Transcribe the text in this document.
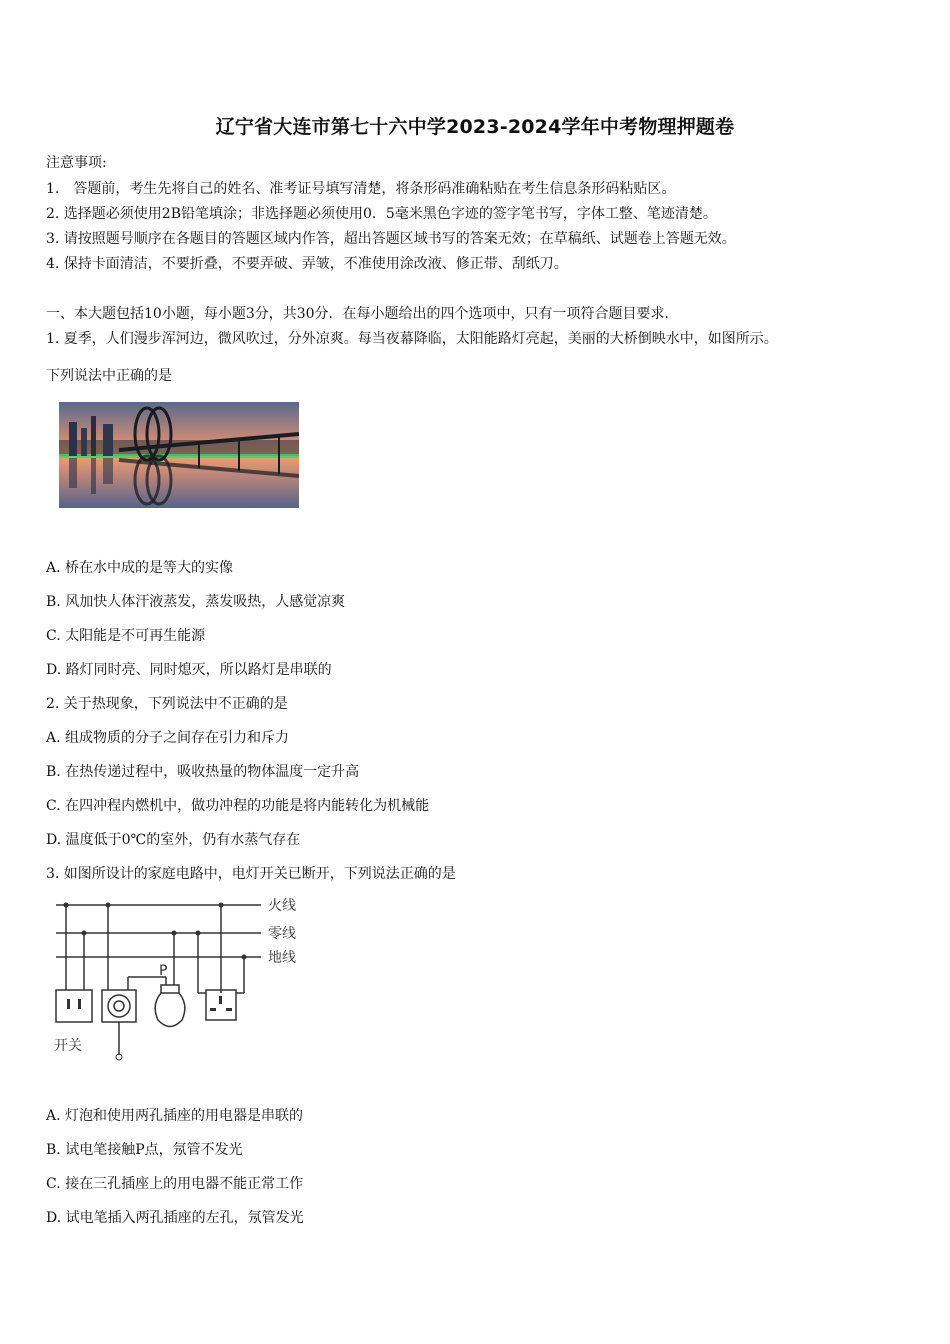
辽宁省大连市第七十六中学2023-2024学年中考物理押题卷
注意事项:
1.　答题前，考生先将自己的姓名、准考证号填写清楚，将条形码准确粘贴在考生信息条形码粘贴区。
2. 选择题必须使用2B铅笔填涂；非选择题必须使用0．5毫米黑色字迹的签字笔书写，字体工整、笔迹清楚。
3. 请按照题号顺序在各题目的答题区域内作答，超出答题区域书写的答案无效；在草稿纸、试题卷上答题无效。
4. 保持卡面清洁，不要折叠，不要弄破、弄皱，不准使用涂改液、修正带、刮纸刀。
一、本大题包括10小题，每小题3分，共30分．在每小题给出的四个选项中，只有一项符合题目要求．
1. 夏季，人们漫步浑河边，微风吹过，分外凉爽。每当夜幕降临，太阳能路灯亮起，美丽的大桥倒映水中，如图所示。
下列说法中正确的是
A. 桥在水中成的是等大的实像
B. 风加快人体汗液蒸发，蒸发吸热，人感觉凉爽
C. 太阳能是不可再生能源
D. 路灯同时亮、同时熄灭，所以路灯是串联的
2. 关于热现象，下列说法中不正确的是
A. 组成物质的分子之间存在引力和斥力
B. 在热传递过程中，吸收热量的物体温度一定升高
C. 在四冲程内燃机中，做功冲程的功能是将内能转化为机械能
D. 温度低于0℃的室外，仍有水蒸气存在
3. 如图所设计的家庭电路中，电灯开关已断开，下列说法正确的是
火线
零线
地线
P
开关
A. 灯泡和使用两孔插座的用电器是串联的
B. 试电笔接触P点，氖管不发光
C. 接在三孔插座上的用电器不能正常工作
D. 试电笔插入两孔插座的左孔，氖管发光
